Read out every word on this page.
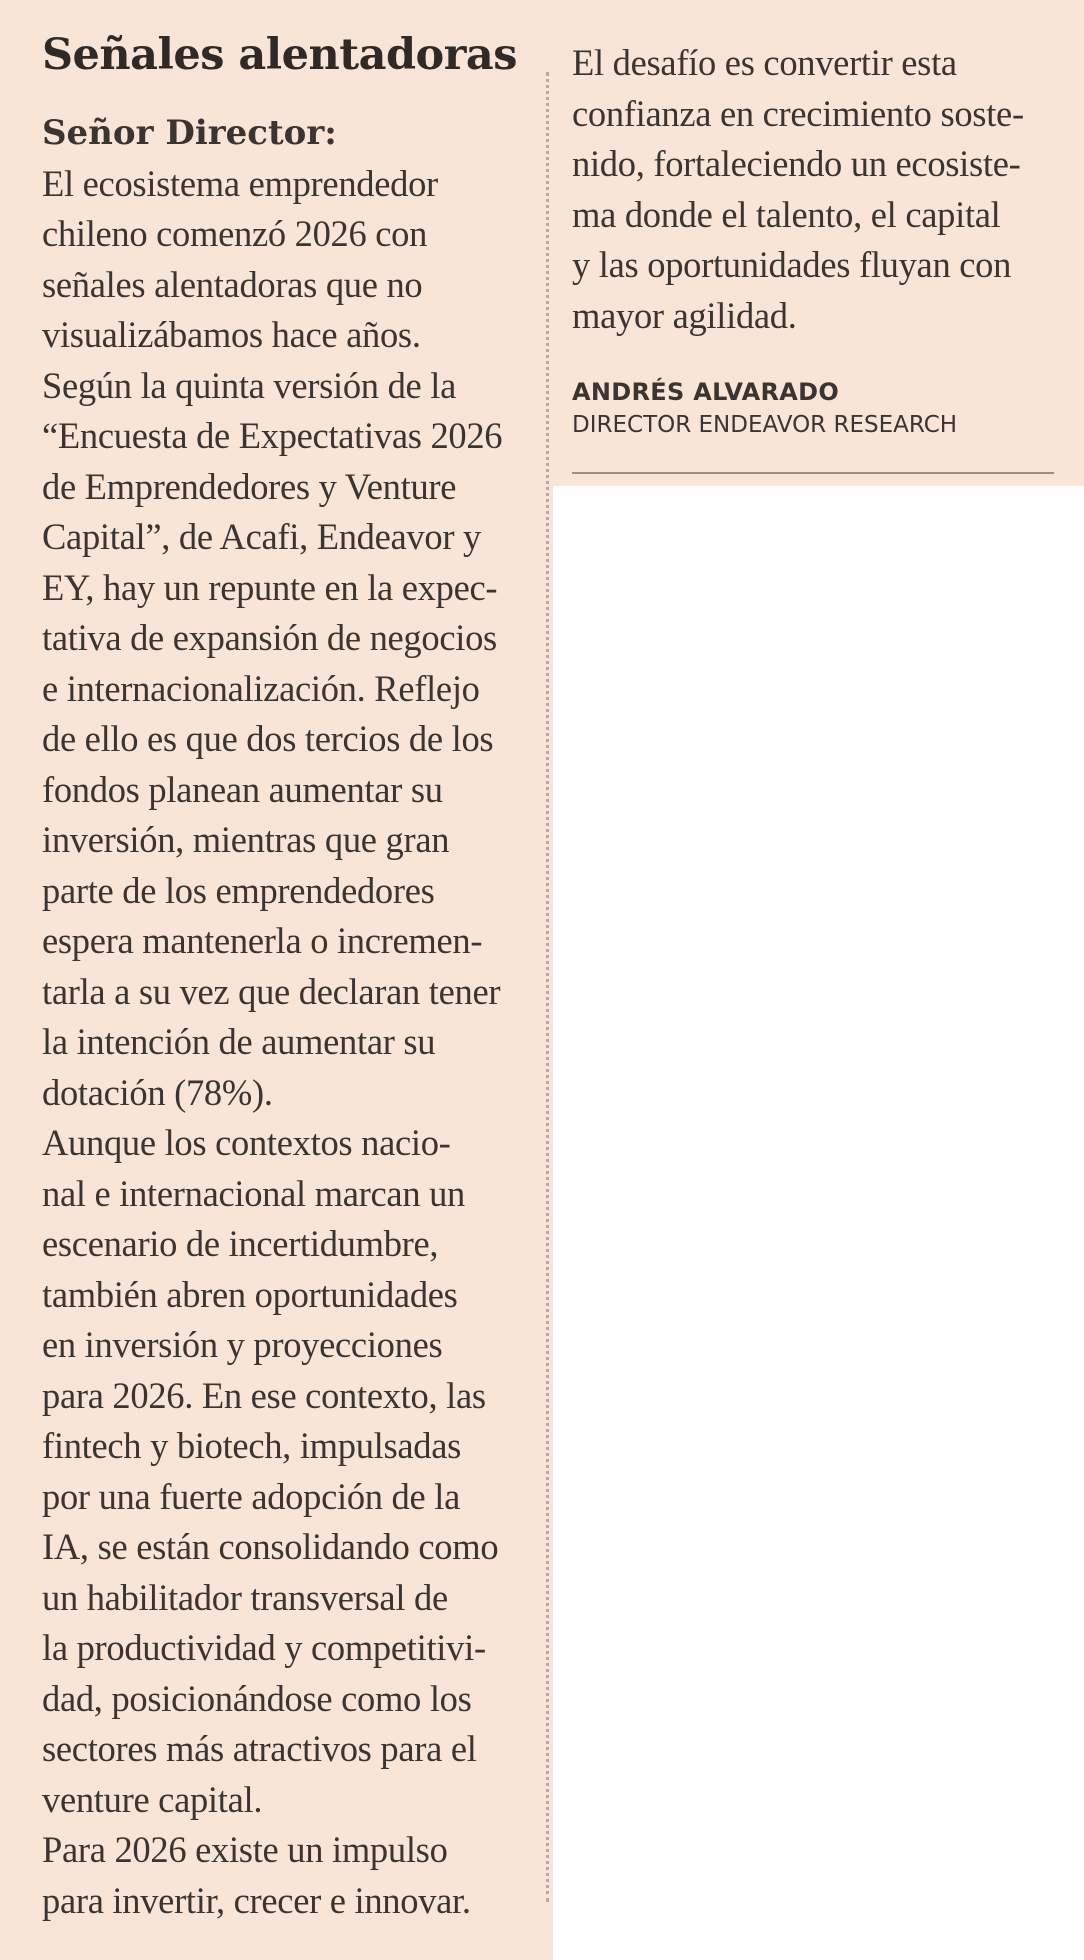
Señales alentadoras

Señor Director:

El ecosistema emprendedor
chileno comenzó 2026 con
señales alentadoras que no
visualizábamos hace años.
Según la quinta versión de la
“Encuesta de Expectativas 2026
de Emprendedores y Venture
Capital”, de Acafi, Endeavor y
EY, hay un repunte en la expec-
tativa de expansión de negocios
e internacionalización. Reflejo
de ello es que dos tercios de los
fondos planean aumentar su
inversión, mientras que gran
parte de los emprendedores
espera mantenerla o incremen-
tarla a su vez que declaran tener
la intención de aumentar su
dotación (78%).

Aunque los contextos nacio-
nal e internacional marcan un
escenario de incertidumbre,
también abren oportunidades
en inversión y proyecciones
para 2026. En ese contexto, las
fintech y biotech, impulsadas
por una fuerte adopción de la
IA, se están consolidando como
un habilitador transversal de
la productividad y competitivi-
dad, posicionándose como los
sectores más atractivos para el
venture capital.

Para 2026 existe un impulso
para invertir, crecer e innovar.

El desafío es convertir esta
confianza en crecimiento soste-
nido, fortaleciendo un ecosiste-
ma donde el talento, el capital
y las oportunidades fluyan con
mayor agilidad.

ANDRÉS ALVARADO
DIRECTOR ENDEAVOR RESEARCH
